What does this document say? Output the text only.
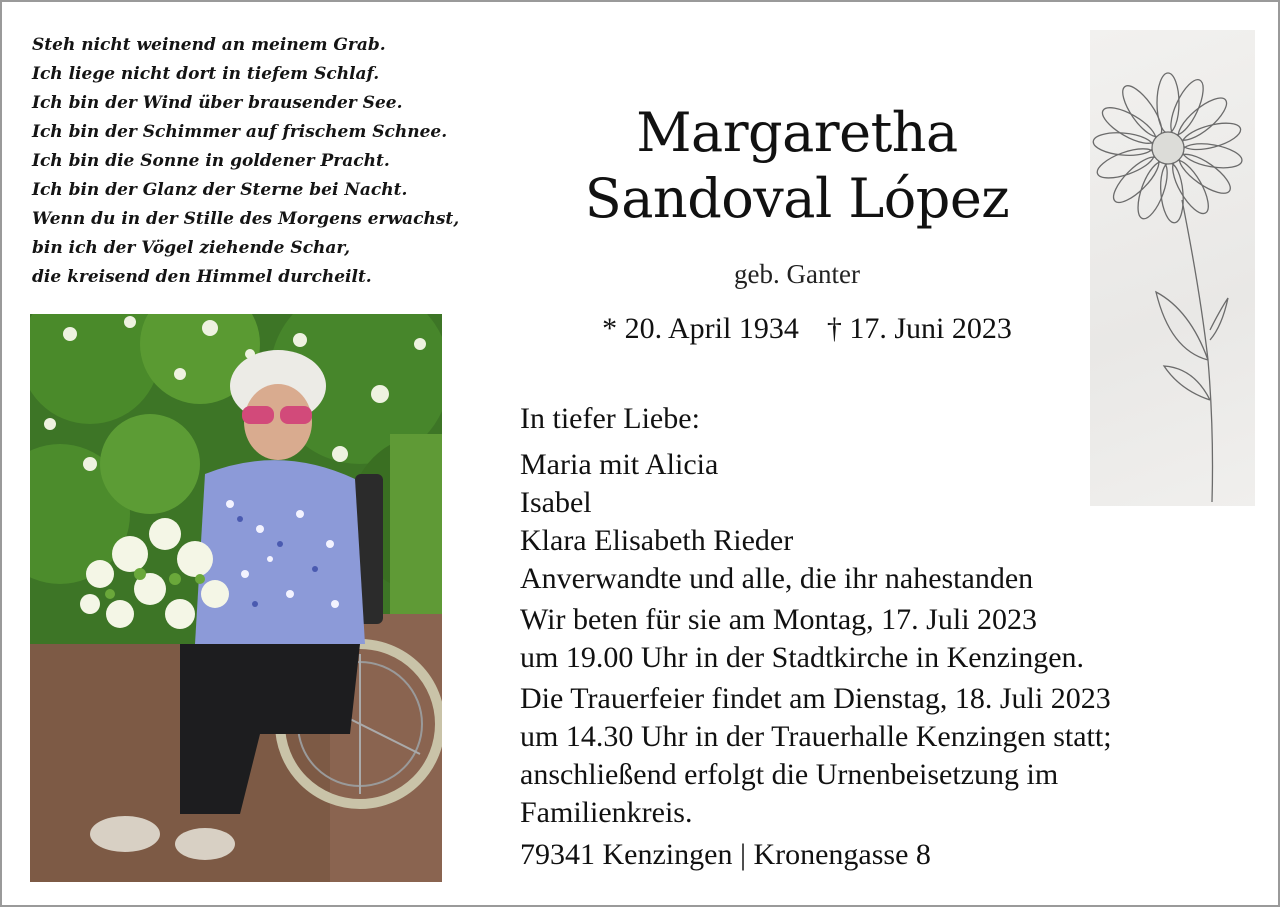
Steh nicht weinend an meinem Grab.
Ich liege nicht dort in tiefem Schlaf.
Ich bin der Wind über brausender See.
Ich bin der Schimmer auf frischem Schnee.
Ich bin die Sonne in goldener Pracht.
Ich bin der Glanz der Sterne bei Nacht.
Wenn du in der Stille des Morgens erwachst,
bin ich der Vögel ziehende Schar,
die kreisend den Himmel durcheilt.
Margaretha
Sandoval López
geb. Ganter
* 20. April 1934 † 17. Juni 2023
In tiefer Liebe:
Maria mit Alicia
Isabel
Klara Elisabeth Rieder
Anverwandte und alle, die ihr nahestanden
Wir beten für sie am Montag, 17. Juli 2023
um 19.00 Uhr in der Stadtkirche in Kenzingen.
Die Trauerfeier findet am Dienstag, 18. Juli 2023
um 14.30 Uhr in der Trauerhalle Kenzingen statt;
anschließend erfolgt die Urnenbeisetzung im
Familienkreis.
79341 Kenzingen | Kronengasse 8
